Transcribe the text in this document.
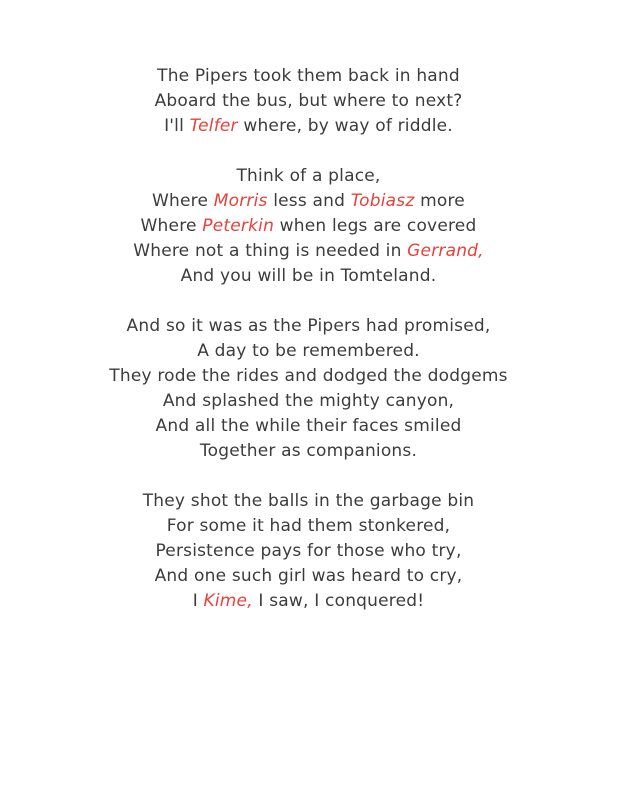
The Pipers took them back in hand
Aboard the bus, but where to next?
I'll Telfer where, by way of riddle.
Think of a place,
Where Morris less and Tobiasz more
Where Peterkin when legs are covered
Where not a thing is needed in Gerrand,
And you will be in Tomteland.
And so it was as the Pipers had promised,
A day to be remembered.
They rode the rides and dodged the dodgems
And splashed the mighty canyon,
And all the while their faces smiled
Together as companions.
They shot the balls in the garbage bin
For some it had them stonkered,
Persistence pays for those who try,
And one such girl was heard to cry,
I Kime, I saw, I conquered!
